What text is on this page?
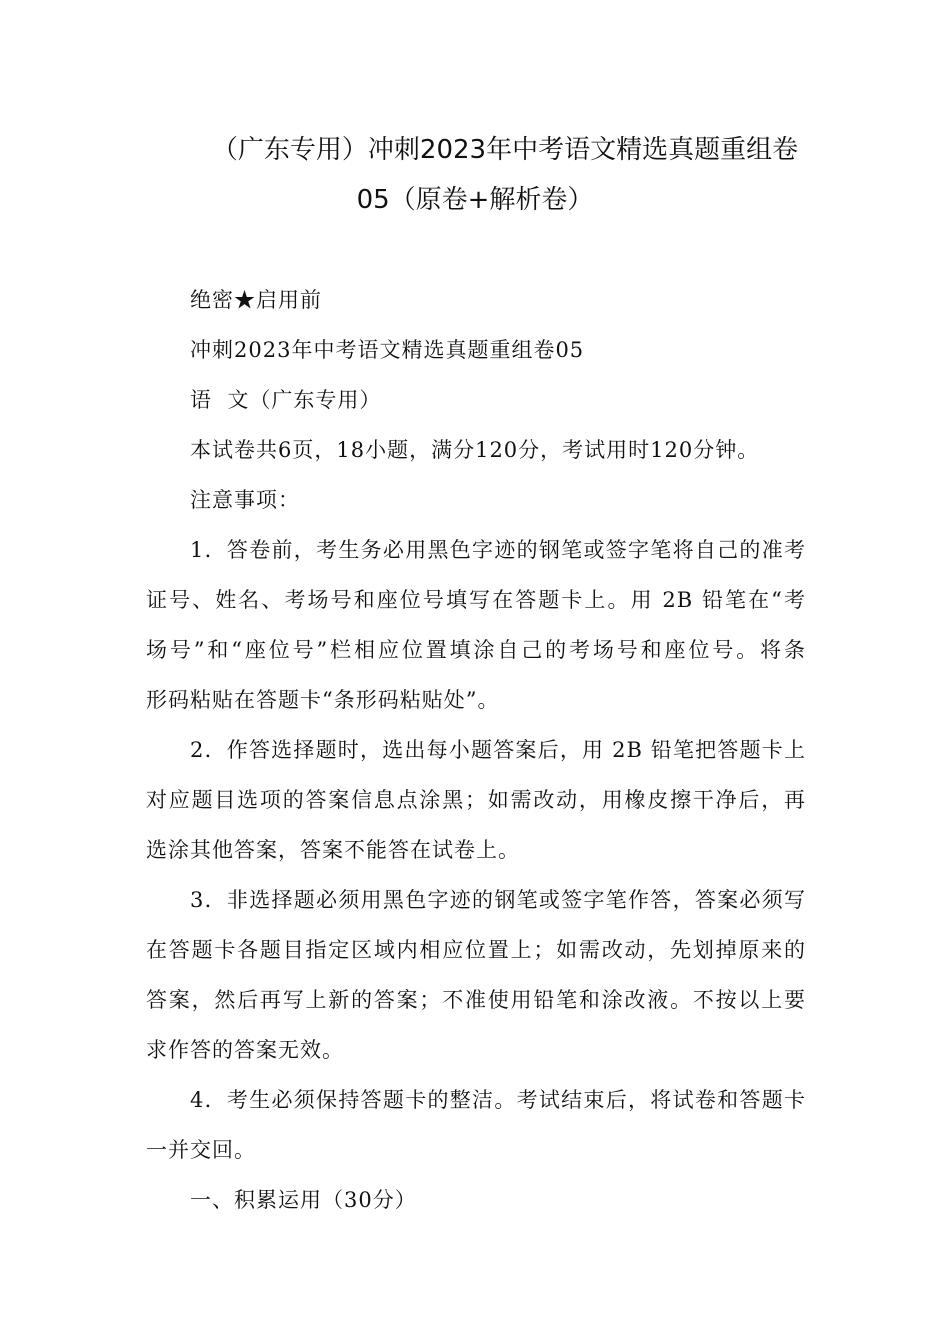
（广东专用）冲刺2023年中考语文精选真题重组卷
05（原卷+解析卷）
绝密★启用前
冲刺2023年中考语文精选真题重组卷05
语  文（广东专用）
本试卷共6页，18小题，满分120分，考试用时120分钟。
注意事项：
1．答卷前，考生务必用黑色字迹的钢笔或签字笔将自己的准考
证号、姓名、考场号和座位号填写在答题卡上。用 2B 铅笔在“考
场号”和“座位号”栏相应位置填涂自己的考场号和座位号。将条
形码粘贴在答题卡“条形码粘贴处”。
2．作答选择题时，选出每小题答案后，用 2B 铅笔把答题卡上
对应题目选项的答案信息点涂黑；如需改动，用橡皮擦干净后，再
选涂其他答案，答案不能答在试卷上。
3．非选择题必须用黑色字迹的钢笔或签字笔作答，答案必须写
在答题卡各题目指定区域内相应位置上；如需改动，先划掉原来的
答案，然后再写上新的答案；不准使用铅笔和涂改液。不按以上要
求作答的答案无效。
4．考生必须保持答题卡的整洁。考试结束后，将试卷和答题卡
一并交回。
一、积累运用（30分）
